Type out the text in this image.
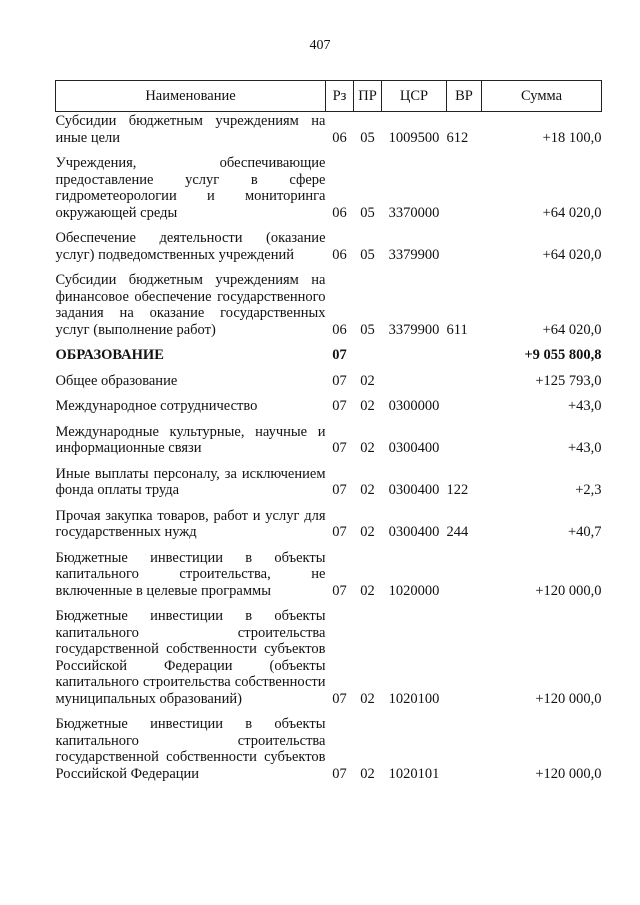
407
Наименование	Рз	ПР	ЦСР	ВР	Сумма
Субсидии бюджетным учреждениям на иные цели	06	05	1009500	612	+18 100,0
Учреждения, обеспечивающие предоставление услуг в сфере гидрометеорологии и мониторинга окружающей среды	06	05	3370000		+64 020,0
Обеспечение деятельности (оказание услуг) подведомственных учреждений	06	05	3379900		+64 020,0
Субсидии бюджетным учреждениям на финансовое обеспечение государственного задания на оказание государственных услуг (выполнение работ)	06	05	3379900	611	+64 020,0
ОБРАЗОВАНИЕ	07				+9 055 800,8
Общее образование	07	02			+125 793,0
Международное сотрудничество	07	02	0300000		+43,0
Международные культурные, научные и информационные связи	07	02	0300400		+43,0
Иные выплаты персоналу, за исключением фонда оплаты труда	07	02	0300400	122	+2,3
Прочая закупка товаров, работ и услуг для государственных нужд	07	02	0300400	244	+40,7
Бюджетные инвестиции в объекты капитального строительства, не включенные в целевые программы	07	02	1020000		+120 000,0
Бюджетные инвестиции в объекты капитального строительства государственной собственности субъектов Российской Федерации (объекты капитального строительства собственности муниципальных образований)	07	02	1020100		+120 000,0
Бюджетные инвестиции в объекты капитального строительства государственной собственности субъектов Российской Федерации	07	02	1020101		+120 000,0
